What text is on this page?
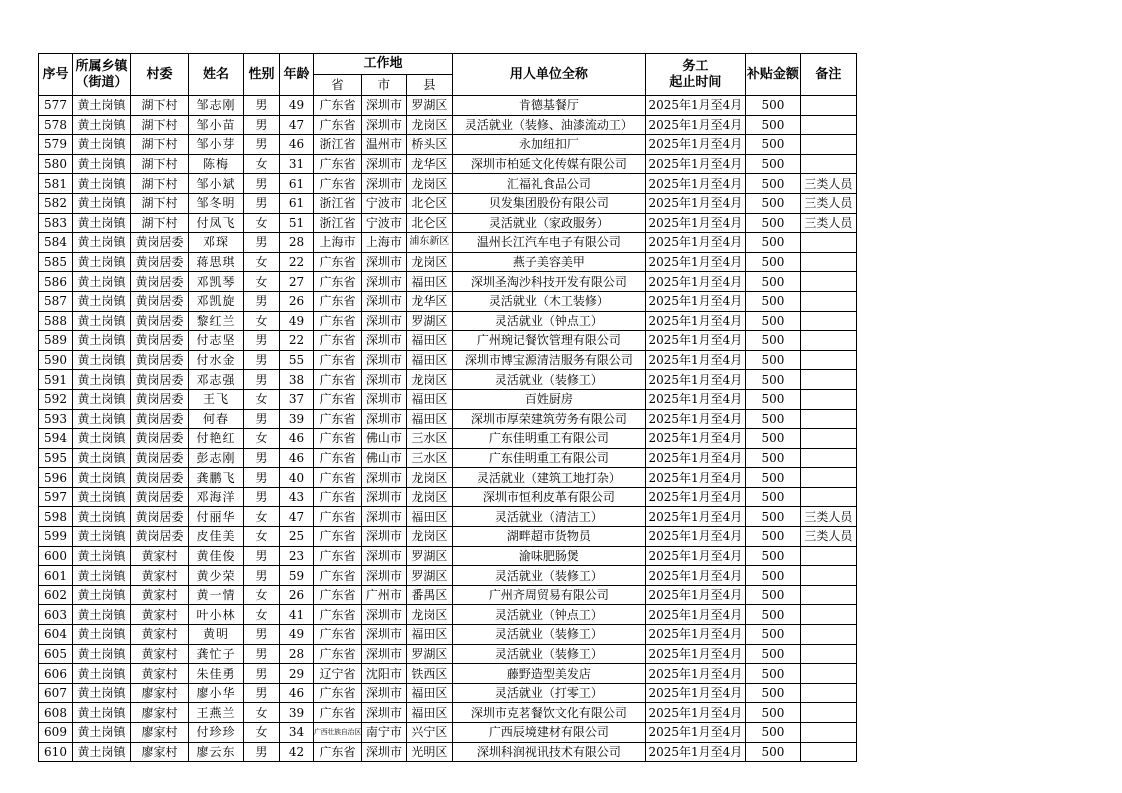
序号	所属乡镇
（街道）	村委	姓名	性别	年龄	工作地			用人单位全称	务工
起止时间	补贴金额	备注
						省	市	县				
577	黄土岗镇	湖下村	邹志刚	男	49	广东省	深圳市	罗湖区	肯德基餐厅	2025年1月至4月	500	
578	黄土岗镇	湖下村	邹小苗	男	47	广东省	深圳市	龙岗区	灵活就业（装修、油漆流动工）	2025年1月至4月	500	
579	黄土岗镇	湖下村	邹小芽	男	46	浙江省	温州市	桥头区	永加纽扣厂	2025年1月至4月	500	
580	黄土岗镇	湖下村	陈梅	女	31	广东省	深圳市	龙华区	深圳市柏延文化传媒有限公司	2025年1月至4月	500	
581	黄土岗镇	湖下村	邹小斌	男	61	广东省	深圳市	龙岗区	汇福礼食品公司	2025年1月至4月	500	三类人员
582	黄土岗镇	湖下村	邹冬明	男	61	浙江省	宁波市	北仑区	贝发集团股份有限公司	2025年1月至4月	500	三类人员
583	黄土岗镇	湖下村	付凤飞	女	51	浙江省	宁波市	北仑区	灵活就业（家政服务）	2025年1月至4月	500	三类人员
584	黄土岗镇	黄岗居委	邓琛	男	28	上海市	上海市	浦东新区	温州长江汽车电子有限公司	2025年1月至4月	500	
585	黄土岗镇	黄岗居委	蒋思琪	女	22	广东省	深圳市	龙岗区	燕子美容美甲	2025年1月至4月	500	
586	黄土岗镇	黄岗居委	邓凯琴	女	27	广东省	深圳市	福田区	深圳圣淘沙科技开发有限公司	2025年1月至4月	500	
587	黄土岗镇	黄岗居委	邓凯旋	男	26	广东省	深圳市	龙华区	灵活就业（木工装修）	2025年1月至4月	500	
588	黄土岗镇	黄岗居委	黎红兰	女	49	广东省	深圳市	罗湖区	灵活就业（钟点工）	2025年1月至4月	500	
589	黄土岗镇	黄岗居委	付志坚	男	22	广东省	深圳市	福田区	广州琬记餐饮管理有限公司	2025年1月至4月	500	
590	黄土岗镇	黄岗居委	付水金	男	55	广东省	深圳市	福田区	深圳市博宝源清洁服务有限公司	2025年1月至4月	500	
591	黄土岗镇	黄岗居委	邓志强	男	38	广东省	深圳市	龙岗区	灵活就业（装修工）	2025年1月至4月	500	
592	黄土岗镇	黄岗居委	王飞	女	37	广东省	深圳市	福田区	百姓厨房	2025年1月至4月	500	
593	黄土岗镇	黄岗居委	何春	男	39	广东省	深圳市	福田区	深圳市厚荣建筑劳务有限公司	2025年1月至4月	500	
594	黄土岗镇	黄岗居委	付艳红	女	46	广东省	佛山市	三水区	广东佳明重工有限公司	2025年1月至4月	500	
595	黄土岗镇	黄岗居委	彭志刚	男	46	广东省	佛山市	三水区	广东佳明重工有限公司	2025年1月至4月	500	
596	黄土岗镇	黄岗居委	龚鹏飞	男	40	广东省	深圳市	龙岗区	灵活就业（建筑工地打杂）	2025年1月至4月	500	
597	黄土岗镇	黄岗居委	邓海洋	男	43	广东省	深圳市	龙岗区	深圳市恒利皮革有限公司	2025年1月至4月	500	
598	黄土岗镇	黄岗居委	付丽华	女	47	广东省	深圳市	福田区	灵活就业（清洁工）	2025年1月至4月	500	三类人员
599	黄土岗镇	黄岗居委	皮佳美	女	25	广东省	深圳市	龙岗区	湖畔超市货物员	2025年1月至4月	500	三类人员
600	黄土岗镇	黄家村	黄佳俊	男	23	广东省	深圳市	罗湖区	渝味肥肠煲	2025年1月至4月	500	
601	黄土岗镇	黄家村	黄少荣	男	59	广东省	深圳市	罗湖区	灵活就业（装修工）	2025年1月至4月	500	
602	黄土岗镇	黄家村	黄一情	女	26	广东省	广州市	番禺区	广州齐周贸易有限公司	2025年1月至4月	500	
603	黄土岗镇	黄家村	叶小林	女	41	广东省	深圳市	龙岗区	灵活就业（钟点工）	2025年1月至4月	500	
604	黄土岗镇	黄家村	黄明	男	49	广东省	深圳市	福田区	灵活就业（装修工）	2025年1月至4月	500	
605	黄土岗镇	黄家村	龚忙子	男	28	广东省	深圳市	罗湖区	灵活就业（装修工）	2025年1月至4月	500	
606	黄土岗镇	黄家村	朱佳勇	男	29	辽宁省	沈阳市	铁西区	藤野造型美发店	2025年1月至4月	500	
607	黄土岗镇	廖家村	廖小华	男	46	广东省	深圳市	福田区	灵活就业（打零工）	2025年1月至4月	500	
608	黄土岗镇	廖家村	王燕兰	女	39	广东省	深圳市	福田区	深圳市克茗餐饮文化有限公司	2025年1月至4月	500	
609	黄土岗镇	廖家村	付珍珍	女	34	广西壮族自治区	南宁市	兴宁区	广西辰境建材有限公司	2025年1月至4月	500	
610	黄土岗镇	廖家村	廖云东	男	42	广东省	深圳市	光明区	深圳科润视讯技术有限公司	2025年1月至4月	500	
